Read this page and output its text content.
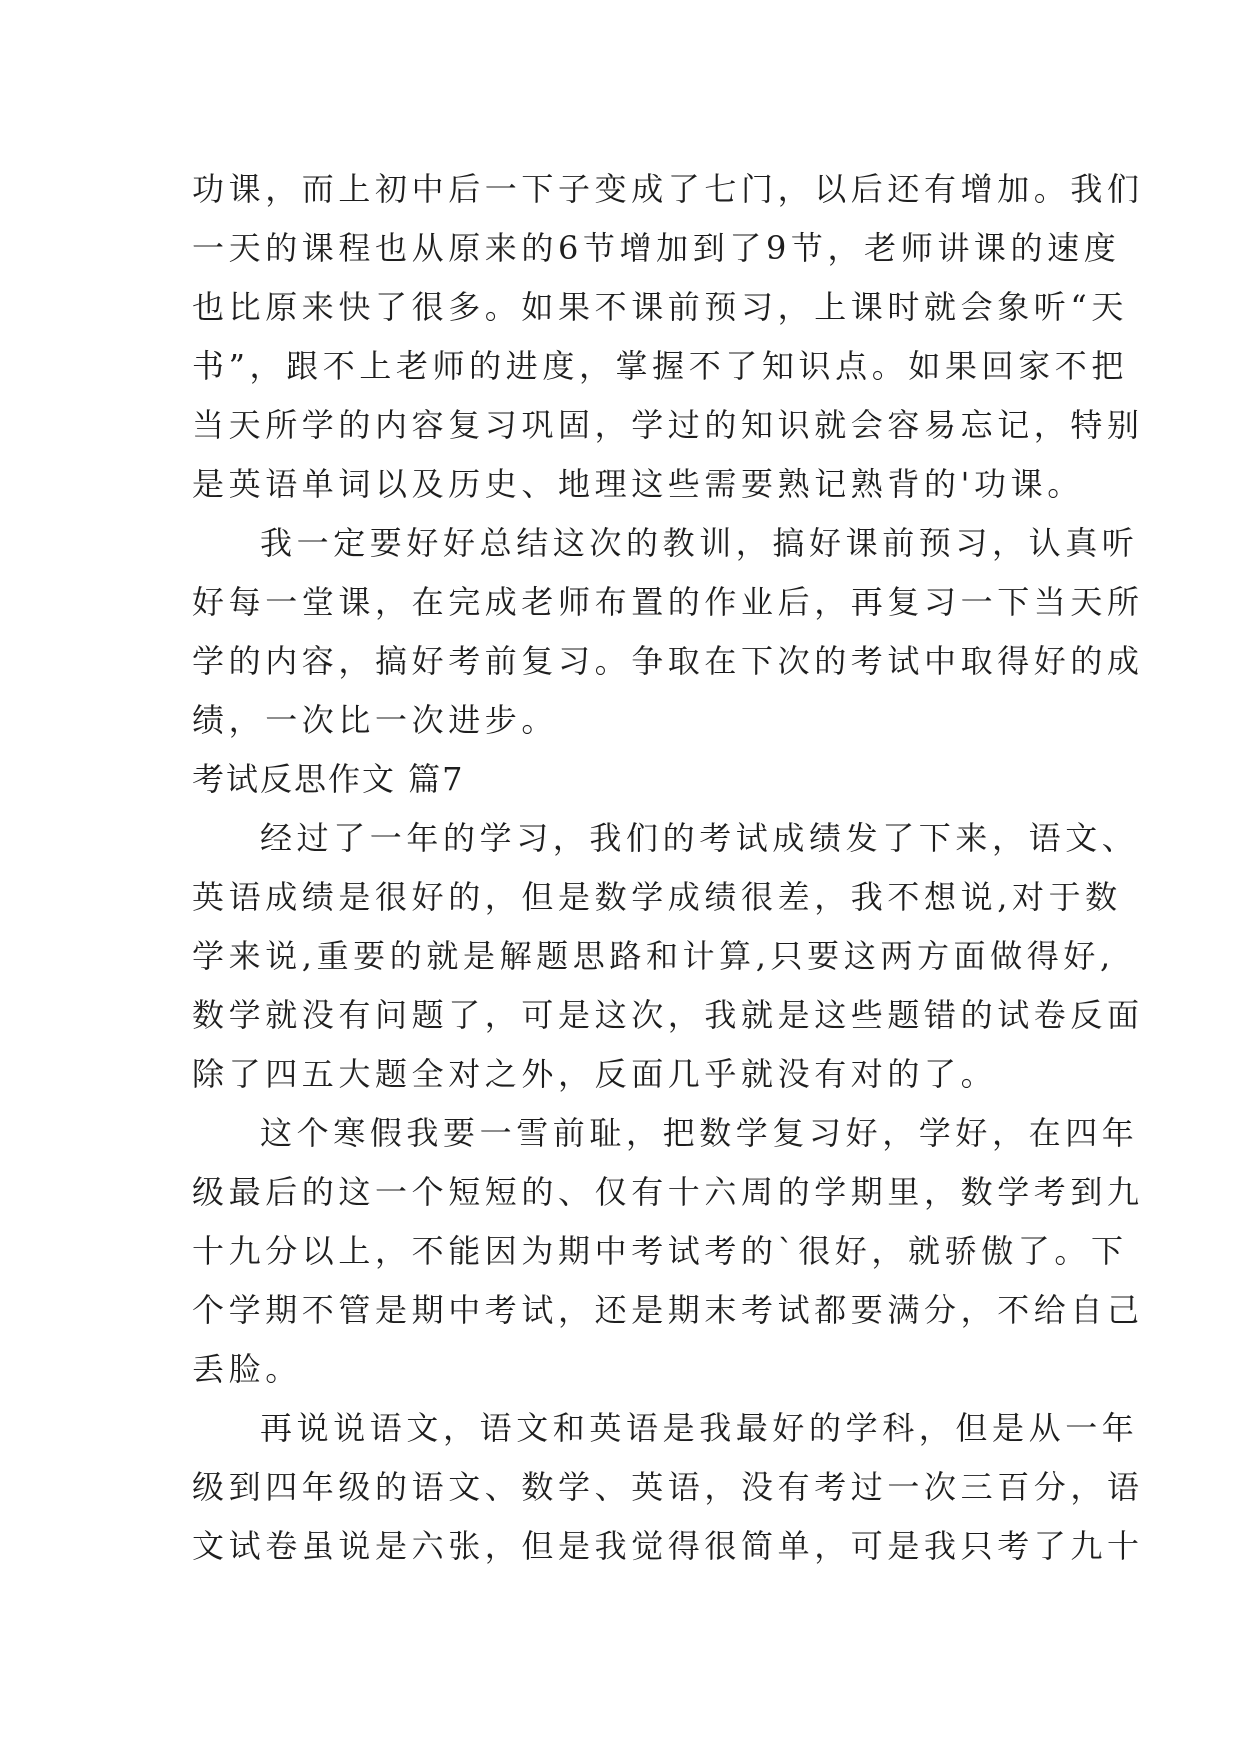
功课，而上初中后一下子变成了七门，以后还有增加。我们
一天的课程也从原来的6节增加到了9节，老师讲课的速度
也比原来快了很多。如果不课前预习，上课时就会象听“天
书”，跟不上老师的进度，掌握不了知识点。如果回家不把
当天所学的内容复习巩固，学过的知识就会容易忘记，特别
是英语单词以及历史、地理这些需要熟记熟背的'功课。
我一定要好好总结这次的教训，搞好课前预习，认真听
好每一堂课，在完成老师布置的作业后，再复习一下当天所
学的内容，搞好考前复习。争取在下次的考试中取得好的成
绩，一次比一次进步。
考试反思作文 篇7
经过了一年的学习，我们的考试成绩发了下来，语文、
英语成绩是很好的，但是数学成绩很差，我不想说,对于数
学来说,重要的就是解题思路和计算,只要这两方面做得好,
数学就没有问题了，可是这次，我就是这些题错的试卷反面
除了四五大题全对之外，反面几乎就没有对的了。
这个寒假我要一雪前耻，把数学复习好，学好，在四年
级最后的这一个短短的、仅有十六周的学期里，数学考到九
十九分以上，不能因为期中考试考的`很好，就骄傲了。下
个学期不管是期中考试，还是期末考试都要满分，不给自己
丢脸。
再说说语文，语文和英语是我最好的学科，但是从一年
级到四年级的语文、数学、英语，没有考过一次三百分，语
文试卷虽说是六张，但是我觉得很简单，可是我只考了九十
